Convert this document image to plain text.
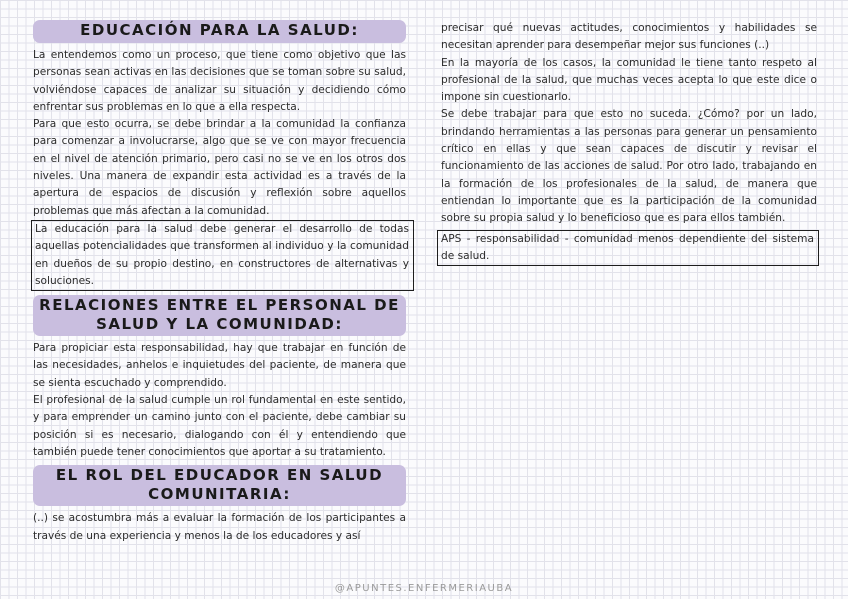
EDUCACIÓN PARA LA SALUD:

La entendemos como un proceso, que tiene como objetivo que las personas sean activas en las decisiones que se toman sobre su salud, volviéndose capaces de analizar su situación y decidiendo cómo enfrentar sus problemas en lo que a ella respecta.

Para que esto ocurra, se debe brindar a la comunidad la confianza para comenzar a involucrarse, algo que se ve con mayor frecuencia en el nivel de atención primario, pero casi no se ve en los otros dos niveles. Una manera de expandir esta actividad es a través de la apertura de espacios de discusión y reflexión sobre aquellos problemas que más afectan a la comunidad.

La educación para la salud debe generar el desarrollo de todas aquellas potencialidades que transformen al individuo y la comunidad en dueños de su propio destino, en constructores de alternativas y soluciones.

RELACIONES ENTRE EL PERSONAL DE SALUD Y LA COMUNIDAD:

Para propiciar esta responsabilidad, hay que trabajar en función de las necesidades, anhelos e inquietudes del paciente, de manera que se sienta escuchado y comprendido.

El profesional de la salud cumple un rol fundamental en este sentido, y para emprender un camino junto con el paciente, debe cambiar su posición si es necesario, dialogando con él y entendiendo que también puede tener conocimientos que aportar a su tratamiento.

EL ROL DEL EDUCADOR EN SALUD COMUNITARIA:

(..) se acostumbra más a evaluar la formación de los participantes a través de una experiencia y menos la de los educadores y así

precisar qué nuevas actitudes, conocimientos y habilidades se necesitan aprender para desempeñar mejor sus funciones (..)

En la mayoría de los casos, la comunidad le tiene tanto respeto al profesional de la salud, que muchas veces acepta lo que este dice o impone sin cuestionarlo.

Se debe trabajar para que esto no suceda. ¿Cómo? por un lado, brindando herramientas a las personas para generar un pensamiento crítico en ellas y que sean capaces de discutir y revisar el funcionamiento de las acciones de salud. Por otro lado, trabajando en la formación de los profesionales de la salud, de manera que entiendan lo importante que es la participación de la comunidad sobre su propia salud y lo beneficioso que es para ellos también.

APS - responsabilidad - comunidad menos dependiente del sistema de salud.

@APUNTES.ENFERMERIAUBA
